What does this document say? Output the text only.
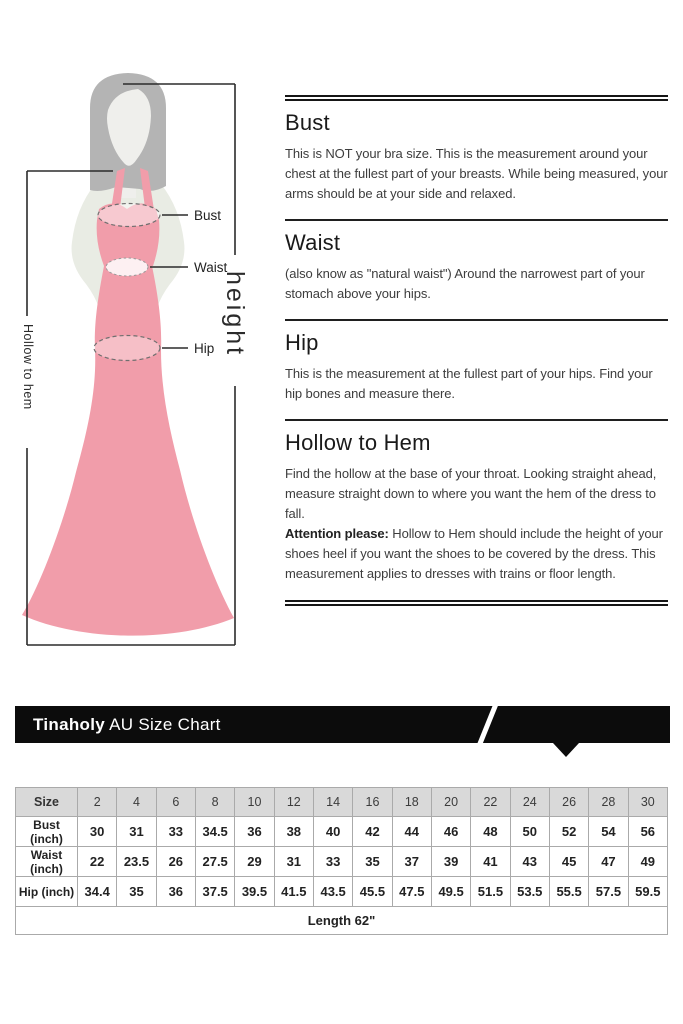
Bust
Waist
Hip height
Hollow to hem
Bust

This is NOT your bra size. This is the measurement around your chest at the fullest part of your breasts. While being measured, your arms should be at your side and relaxed.

Waist

(also know as "natural waist") Around the narrowest part of your stomach above your hips.

Hip

This is the measurement at the fullest part of your hips. Find your hip bones and measure there.

Hollow to Hem

Find the hollow at the base of your throat. Looking straight ahead, measure straight down to where you want the hem of the dress to fall.

Attention please: Hollow to Hem should include the height of your shoes heel if you want the shoes to be covered by the dress. This measurement applies to dresses with trains or floor length.

Tinaholy AU Size Chart
Size	2	4	6	8	10	12	14	16	18	20	22	24	26	28	30
Bust (inch)	30	31	33	34.5	36	38	40	42	44	46	48	50	52	54	56
Waist (inch)	22	23.5	26	27.5	29	31	33	35	37	39	41	43	45	47	49
Hip (inch)	34.4	35	36	37.5	39.5	41.5	43.5	45.5	47.5	49.5	51.5	53.5	55.5	57.5	59.5
Length 62"															
